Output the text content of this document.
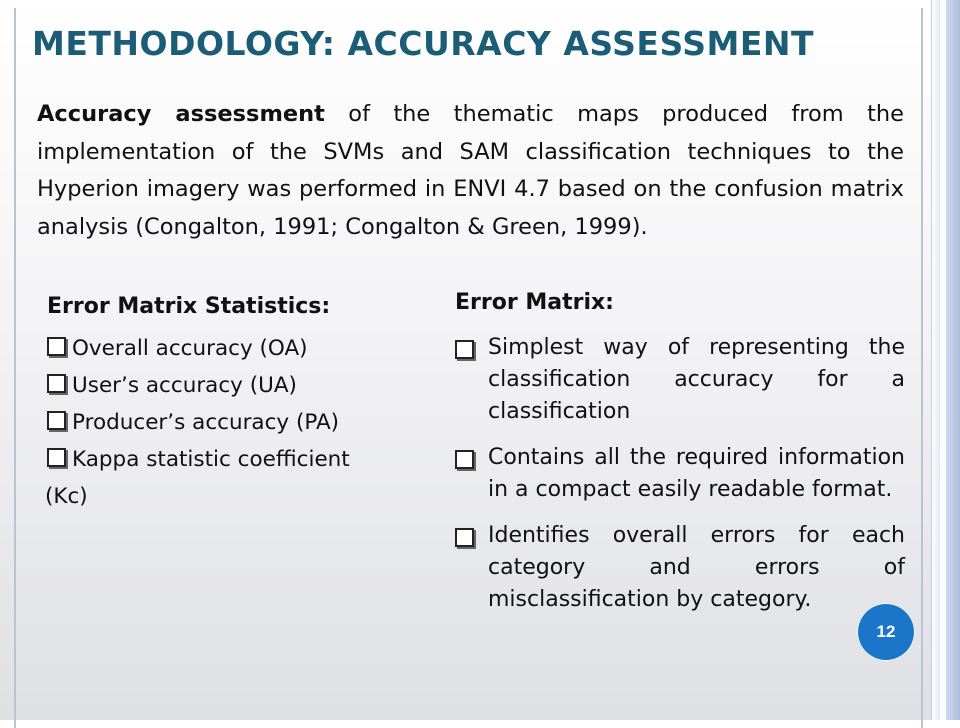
METHODOLOGY: ACCURACY ASSESSMENT

Accuracy assessment of the thematic maps produced from the implementation of the SVMs and SAM classification techniques to the Hyperion imagery was performed in ENVI 4.7 based on the confusion matrix analysis (Congalton, 1991; Congalton & Green, 1999).

Error Matrix Statistics:
Overall accuracy (OA)
User’s accuracy (UA)
Producer’s accuracy (PA)
Kappa statistic coefficient
(Kc)
Error Matrix:
Simplest way of representing the classification accuracy for a classification
Contains all the required information in a compact easily readable format.
Identifies overall errors for each category and errors of misclassification by category.
12
